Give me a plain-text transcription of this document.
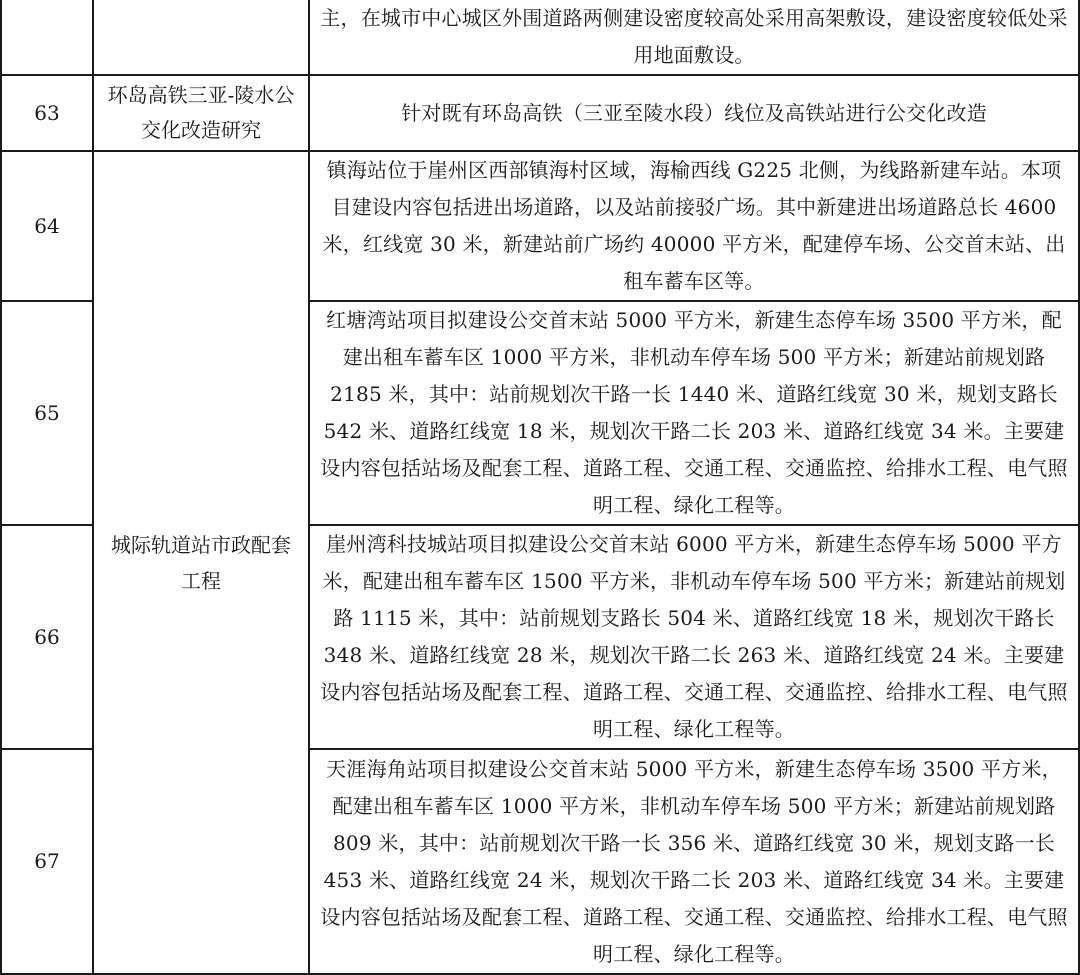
		主，在城市中心城区外围道路两侧建设密度较高处采用高架敷设，建设密度较低处采用地面敷设。

63	环岛高铁三亚-陵水公交化改造研究	针对既有环岛高铁（三亚至陵水段）线位及高铁站进行公交化改造

64	城际轨道站市政配套工程	镇海站位于崖州区西部镇海村区域，海榆西线 G225 北侧，为线路新建车站。本项目建设内容包括进出场道路，以及站前接驳广场。其中新建进出场道路总长 4600 米，红线宽 30 米，新建站前广场约 40000 平方米，配建停车场、公交首末站、出租车蓄车区等。

65		红塘湾站项目拟建设公交首末站 5000 平方米，新建生态停车场 3500 平方米，配建出租车蓄车区 1000 平方米，非机动车停车场 500 平方米；新建站前规划路 2185 米，其中：站前规划次干路一长 1440 米、道路红线宽 30 米，规划支路长 542 米、道路红线宽 18 米，规划次干路二长 203 米、道路红线宽 34 米。主要建设内容包括站场及配套工程、道路工程、交通工程、交通监控、给排水工程、电气照明工程、绿化工程等。

66		崖州湾科技城站项目拟建设公交首末站 6000 平方米，新建生态停车场 5000 平方米，配建出租车蓄车区 1500 平方米，非机动车停车场 500 平方米；新建站前规划路 1115 米，其中：站前规划支路长 504 米、道路红线宽 18 米，规划次干路长 348 米、道路红线宽 28 米，规划次干路二长 263 米、道路红线宽 24 米。主要建设内容包括站场及配套工程、道路工程、交通工程、交通监控、给排水工程、电气照明工程、绿化工程等。

67		天涯海角站项目拟建设公交首末站 5000 平方米，新建生态停车场 3500 平方米，配建出租车蓄车区 1000 平方米，非机动车停车场 500 平方米；新建站前规划路 809 米，其中：站前规划次干路一长 356 米、道路红线宽 30 米，规划支路一长 453 米、道路红线宽 24 米，规划次干路二长 203 米、道路红线宽 34 米。主要建设内容包括站场及配套工程、道路工程、交通工程、交通监控、给排水工程、电气照明工程、绿化工程等。
